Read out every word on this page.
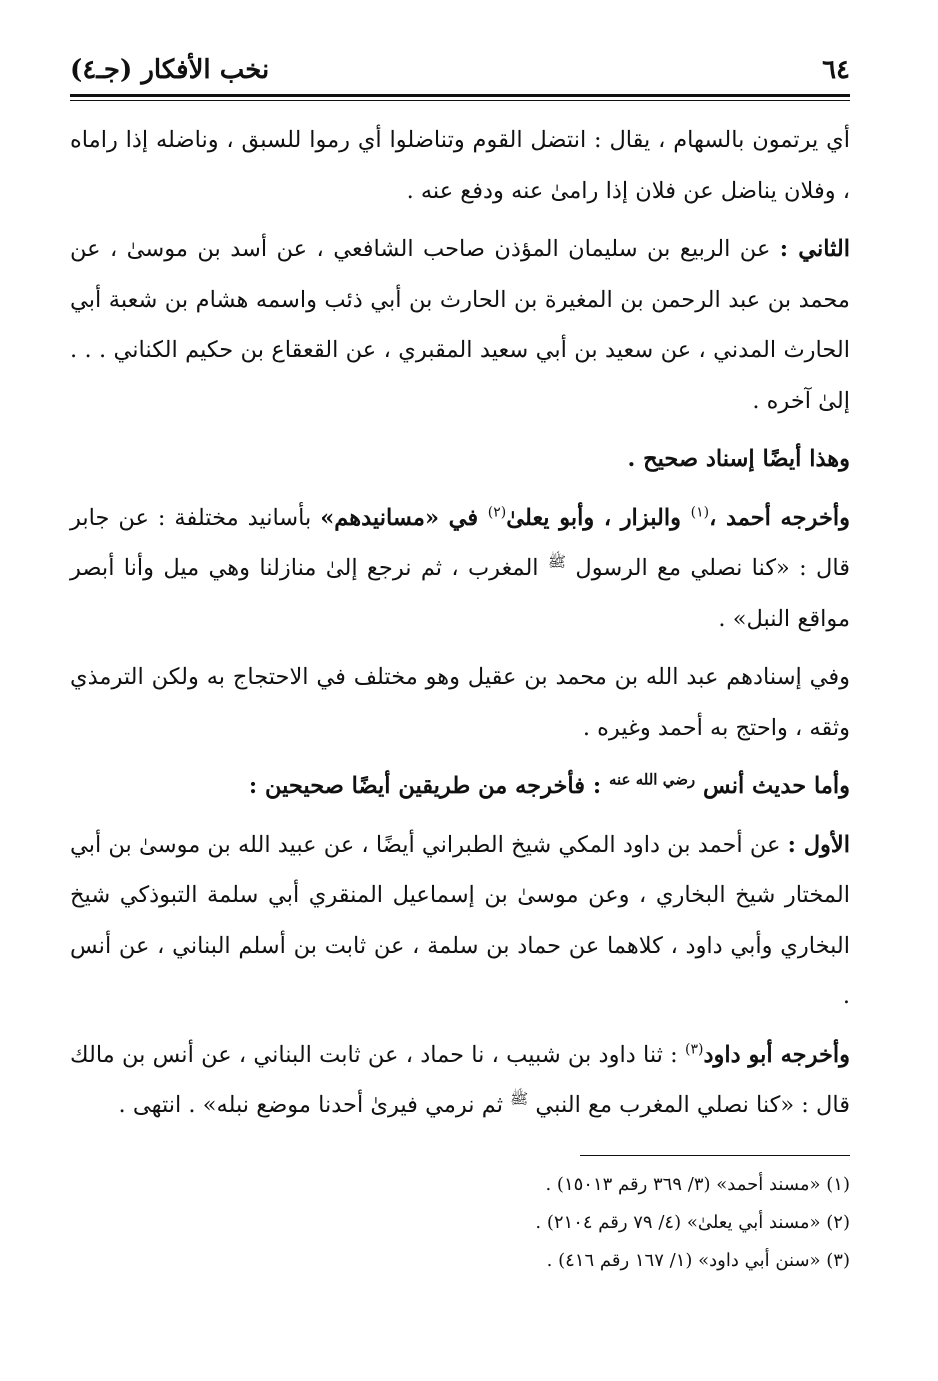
٦٤
نخب الأفكار (جـ٤)

أي يرتمون بالسهام ، يقال : انتضل القوم وتناضلوا أي رموا للسبق ، وناضله إذا راماه ، وفلان يناضل عن فلان إذا رامىٰ عنه ودفع عنه .

الثاني : عن الربيع بن سليمان المؤذن صاحب الشافعي ، عن أسد بن موسىٰ ، عن محمد بن عبد الرحمن بن المغيرة بن الحارث بن أبي ذئب واسمه هشام بن شعبة أبي الحارث المدني ، عن سعيد بن أبي سعيد المقبري ، عن القعقاع بن حكيم الكناني . . . إلىٰ آخره .

وهذا أيضًا إسناد صحيح .

وأخرجه أحمد ،$^{(١)}$ والبزار ، وأبو يعلىٰ$^{(٢)}$ في «مسانيدهم» بأسانيد مختلفة : عن جابر قال : «كنا نصلي مع الرسول $^ﷺ$ المغرب ، ثم نرجع إلىٰ منازلنا وهي ميل وأنا أبصر مواقع النبل» .

وفي إسنادهم عبد الله بن محمد بن عقيل وهو مختلف في الاحتجاج به ولكن الترمذي وثقه ، واحتج به أحمد وغيره .

وأما حديث أنس $^{رضي الله عنه}$ : فأخرجه من طريقين أيضًا صحيحين :

الأول : عن أحمد بن داود المكي شيخ الطبراني أيضًا ، عن عبيد الله بن موسىٰ بن أبي المختار شيخ البخاري ، وعن موسىٰ بن إسماعيل المنقري أبي سلمة التبوذكي شيخ البخاري وأبي داود ، كلاهما عن حماد بن سلمة ، عن ثابت بن أسلم البناني ، عن أنس .

وأخرجه أبو داود$^{(٣)}$ : ثنا داود بن شبيب ، نا حماد ، عن ثابت البناني ، عن أنس بن مالك قال : «كنا نصلي المغرب مع النبي $^ﷺ$ ثم نرمي فيرىٰ أحدنا موضع نبله» . انتهى .

(١) «مسند أحمد» (٣/ ٣٦٩ رقم ١٥٠١٣) .
(٢) «مسند أبي يعلىٰ» (٤/ ٧٩ رقم ٢١٠٤) .
(٣) «سنن أبي داود» (١/ ١٦٧ رقم ٤١٦) .
